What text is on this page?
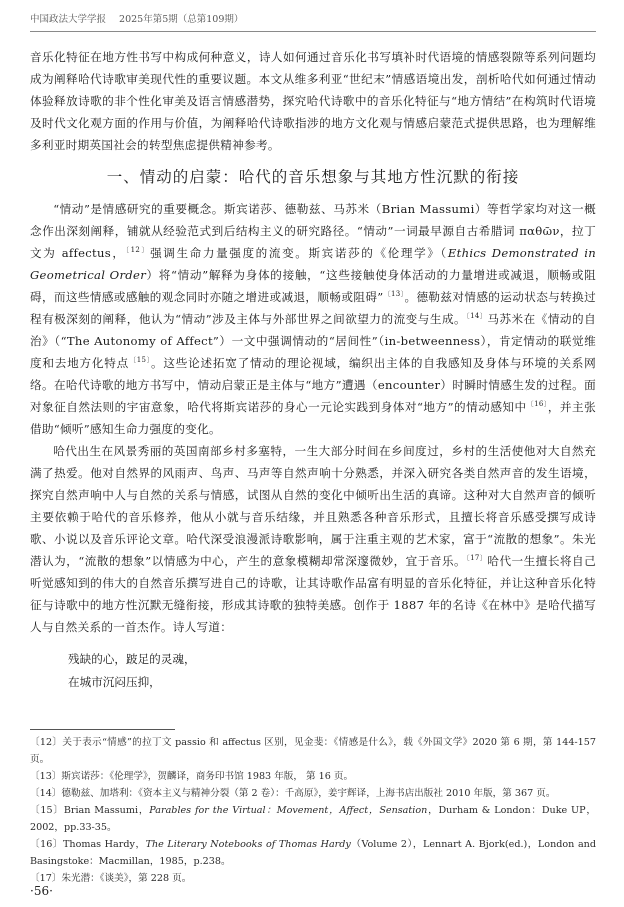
中国政法大学学报 2025年第5期（总第109期）

音乐化特征在地方性书写中构成何种意义，诗人如何通过音乐化书写填补时代语境的情感裂隙等系列问题均成为阐释哈代诗歌审美现代性的重要议题。本文从维多利亚“世纪末”情感语境出发，剖析哈代如何通过情动体验释放诗歌的非个性化审美及语言情感潜势，探究哈代诗歌中的音乐化特征与“地方情结”在构筑时代语境及时代文化观方面的作用与价值，为阐释哈代诗歌指涉的地方文化观与情感启蒙范式提供思路，也为理解维多利亚时期英国社会的转型焦虑提供精神参考。

一、情动的启蒙：哈代的音乐想象与其地方性沉默的衔接

“情动”是情感研究的重要概念。斯宾诺莎、德勒兹、马苏米（Brian Massumi）等哲学家均对这一概念作出深刻阐释，铺就从经验范式到后结构主义的研究路径。“情动”一词最早源自古希腊词 παθῶν，拉丁文为 affectus，$^{〔12〕}$强调生命力量强度的流变。斯宾诺莎的《伦理学》（Ethics Demonstrated in Geometrical Order）将“情动”解释为身体的接触，“这些接触使身体活动的力量增进或减退，顺畅或阻碍，而这些情感或感触的观念同时亦随之增进或减退，顺畅或阻碍”$^{〔13〕}$。德勒兹对情感的运动状态与转换过程有极深刻的阐释，他认为“情动”涉及主体与外部世界之间欲望力的流变与生成。$^{〔14〕}$马苏米在《情动的自治》（“The Autonomy of Affect”）一文中强调情动的“居间性”（in-betweenness），肯定情动的联觉维度和去地方化特点$^{〔15〕}$。这些论述拓宽了情动的理论视域，编织出主体的自我感知及身体与环境的关系网络。在哈代诗歌的地方书写中，情动启蒙正是主体与“地方”遭遇（encounter）时瞬时情感生发的过程。面对象征自然法则的宇宙意象，哈代将斯宾诺莎的身心一元论实践到身体对“地方”的情动感知中$^{〔16〕}$，并主张借助“倾听”感知生命力强度的变化。

哈代出生在风景秀丽的英国南部乡村多塞特，一生大部分时间在乡间度过，乡村的生活使他对大自然充满了热爱。他对自然界的风雨声、鸟声、马声等自然声响十分熟悉，并深入研究各类自然声音的发生语境，探究自然声响中人与自然的关系与情感，试图从自然的变化中倾听出生活的真谛。这种对大自然声音的倾听主要依赖于哈代的音乐修养，他从小就与音乐结缘，并且熟悉各种音乐形式，且擅长将音乐感受撰写成诗歌、小说以及音乐评论文章。哈代深受浪漫派诗歌影响，属于注重主观的艺术家，富于“流散的想象”。朱光潜认为，“流散的想象”以情感为中心，产生的意象模糊却常深邃微妙，宜于音乐。$^{〔17〕}$哈代一生擅长将自己听觉感知到的伟大的自然音乐撰写进自己的诗歌，让其诗歌作品富有明显的音乐化特征，并让这种音乐化特征与诗歌中的地方性沉默无缝衔接，形成其诗歌的独特美感。创作于 1887 年的名诗《在林中》是哈代描写人与自然关系的一首杰作。诗人写道：

残缺的心，跛足的灵魂，
在城市沉闷压抑，
〔12〕关于表示“情感”的拉丁文 passio 和 affectus 区别，见金斐：《情感是什么》，载《外国文学》2020 第 6 期，第 144-157 页。
〔13〕斯宾诺莎：《伦理学》，贺麟译，商务印书馆 1983 年版， 第 16 页。
〔14〕德勒兹、加塔利：《资本主义与精神分裂（第 2 卷）：千高原》，姜宇辉译，上海书店出版社 2010 年版，第 367 页。
〔15〕Brian Massumi，Parables for the Virtual：Movement，Affect，Sensation，Durham & London：Duke UP，2002，pp.33-35。
〔16〕Thomas Hardy，The Literary Notebooks of Thomas Hardy（Volume 2），Lennart A. Bjork(ed.)，London and Basingstoke：Macmillan，1985，p.238。
〔17〕朱光潜：《谈美》，第 228 页。
·56·
